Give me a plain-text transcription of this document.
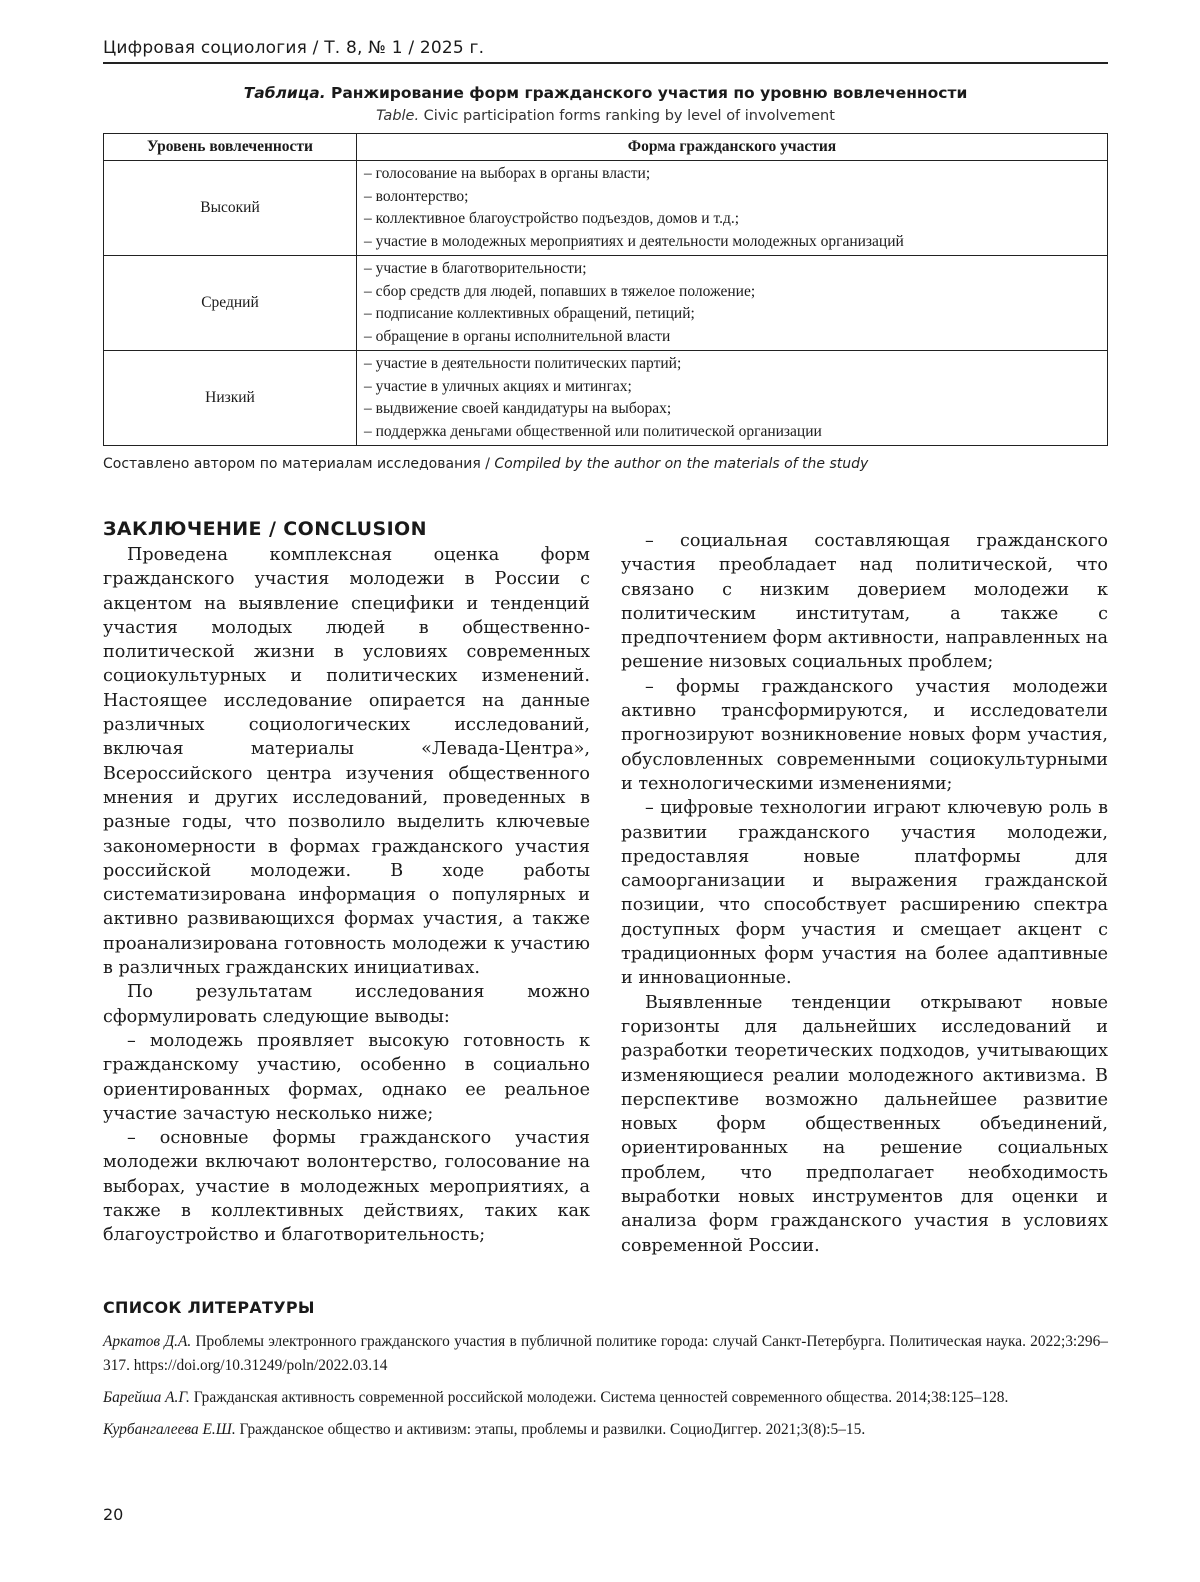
Цифровая социология / Т. 8, № 1 / 2025 г.
Таблица. Ранжирование форм гражданского участия по уровню вовлеченности
Table. Civic participation forms ranking by level of involvement
Уровень вовлеченности	Форма гражданского участия
Высокий	– голосование на выборах в органы власти;
– волонтерство;
– коллективное благоустройство подъездов, домов и т.д.;
– участие в молодежных мероприятиях и деятельности молодежных организаций

Средний	– участие в благотворительности;
– сбор средств для людей, попавших в тяжелое положение;
– подписание коллективных обращений, петиций;
– обращение в органы исполнительной власти

Низкий	– участие в деятельности политических партий;
– участие в уличных акциях и митингах;
– выдвижение своей кандидатуры на выборах;
– поддержка деньгами общественной или политической организации
Составлено автором по материалам исследования / Compiled by the author on the materials of the study
ЗАКЛЮЧЕНИЕ / CONCLUSION

Проведена комплексная оценка форм гражданского участия молодежи в России с акцентом на выявление специфики и тенденций участия молодых людей в общественно-политической жизни в условиях современных социокультурных и политических изменений. Настоящее исследование опирается на данные различных социологических исследований, включая материалы «Левада-Центра», Всероссийского центра изучения общественного мнения и других исследований, проведенных в разные годы, что позволило выделить ключевые закономерности в формах гражданского участия российской молодежи. В ходе работы систематизирована информация о популярных и активно развивающихся формах участия, а также проанализирована готовность молодежи к участию в различных гражданских инициативах.

По результатам исследования можно сформулировать следующие выводы:

– молодежь проявляет высокую готовность к гражданскому участию, особенно в социально ориентированных формах, однако ее реальное участие зачастую несколько ниже;

– основные формы гражданского участия молодежи включают волонтерство, голосование на выборах, участие в молодежных мероприятиях, а также в коллективных действиях, таких как благоустройство и благотворительность;

– социальная составляющая гражданского участия преобладает над политической, что связано с низким доверием молодежи к политическим институтам, а также с предпочтением форм активности, направленных на решение низовых социальных проблем;

– формы гражданского участия молодежи активно трансформируются, и исследователи прогнозируют возникновение новых форм участия, обусловленных современными социокультурными и технологическими изменениями;

– цифровые технологии играют ключевую роль в развитии гражданского участия молодежи, предоставляя новые платформы для самоорганизации и выражения гражданской позиции, что способствует расширению спектра доступных форм участия и смещает акцент с традиционных форм участия на более адаптивные и инновационные.

Выявленные тенденции открывают новые горизонты для дальнейших исследований и разработки теоретических подходов, учитывающих изменяющиеся реалии молодежного активизма. В перспективе возможно дальнейшее развитие новых форм общественных объединений, ориентированных на решение социальных проблем, что предполагает необходимость выработки новых инструментов для оценки и анализа форм гражданского участия в условиях современной России.

СПИСОК ЛИТЕРАТУРЫ
Аркатов Д.А. Проблемы электронного гражданского участия в публичной политике города: случай Санкт-Петербурга. Политическая наука. 2022;3:296–317. https://doi.org/10.31249/poln/2022.03.14
Барейша А.Г. Гражданская активность современной российской молодежи. Система ценностей современного общества. 2014;38:125–128.
Курбангалеева Е.Ш. Гражданское общество и активизм: этапы, проблемы и развилки. СоциоДиггер. 2021;3(8):5–15.
20
